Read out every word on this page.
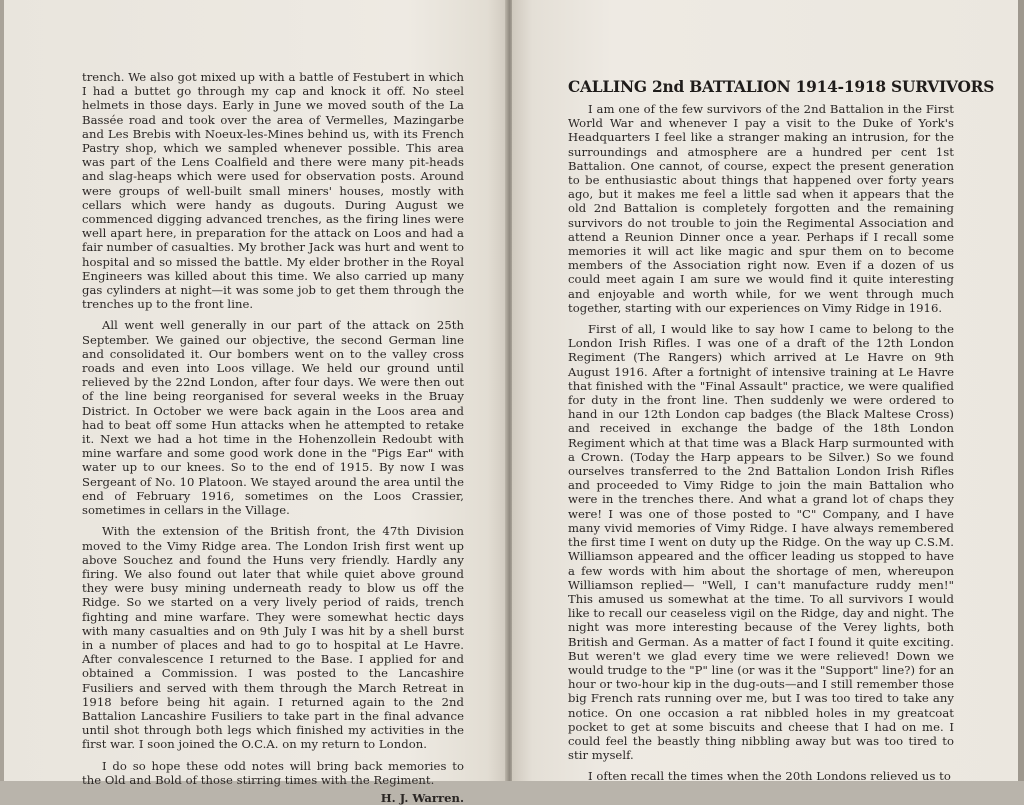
trench. We also got mixed up with a battle of Festubert in which I had a buttet go through my cap and knock it off. No steel helmets in those days. Early in June we moved south of the La Bassée road and took over the area of Vermelles, Mazingarbe and Les Brebis with Noeux-les-Mines behind us, with its French Pastry shop, which we sampled whenever possible. This area was part of the Lens Coalfield and there were many pit-heads and slag-heaps which were used for observation posts. Around were groups of well-built small miners' houses, mostly with cellars which were handy as dugouts. During August we commenced digging advanced trenches, as the firing lines were well apart here, in preparation for the attack on Loos and had a fair number of casualties. My brother Jack was hurt and went to hospital and so missed the battle. My elder brother in the Royal Engineers was killed about this time. We also carried up many gas cylinders at night—it was some job to get them through the trenches up to the front line.

All went well generally in our part of the attack on 25th September. We gained our objective, the second German line and consolidated it. Our bombers went on to the valley cross roads and even into Loos village. We held our ground until relieved by the 22nd London, after four days. We were then out of the line being reorganised for several weeks in the Bruay District. In October we were back again in the Loos area and had to beat off some Hun attacks when he attempted to retake it. Next we had a hot time in the Hohenzollein Redoubt with mine warfare and some good work done in the "Pigs Ear" with water up to our knees. So to the end of 1915. By now I was Sergeant of No. 10 Platoon. We stayed around the area until the end of February 1916, sometimes on the Loos Crassier, sometimes in cellars in the Village.

With the extension of the British front, the 47th Division moved to the Vimy Ridge area. The London Irish first went up above Souchez and found the Huns very friendly. Hardly any firing. We also found out later that while quiet above ground they were busy mining underneath ready to blow us off the Ridge. So we started on a very lively period of raids, trench fighting and mine warfare. They were somewhat hectic days with many casualties and on 9th July I was hit by a shell burst in a number of places and had to go to hospital at Le Havre. After convalescence I returned to the Base. I applied for and obtained a Commission. I was posted to the Lancashire Fusiliers and served with them through the March Retreat in 1918 before being hit again. I returned again to the 2nd Battalion Lancashire Fusiliers to take part in the final advance until shot through both legs which finished my activities in the first war. I soon joined the O.C.A. on my return to London.

I do so hope these odd notes will bring back memories to the Old and Bold of those stirring times with the Regiment.

H. J. Warren.
CALLING 2nd BATTALION 1914-1918 SURVIVORS

I am one of the few survivors of the 2nd Battalion in the First World War and whenever I pay a visit to the Duke of York's Headquarters I feel like a stranger making an intrusion, for the surroundings and atmosphere are a hundred per cent 1st Battalion. One cannot, of course, expect the present generation to be enthusiastic about things that happened over forty years ago, but it makes me feel a little sad when it appears that the old 2nd Battalion is completely forgotten and the remaining survivors do not trouble to join the Regimental Association and attend a Reunion Dinner once a year. Perhaps if I recall some memories it will act like magic and spur them on to become members of the Association right now. Even if a dozen of us could meet again I am sure we would find it quite interesting and enjoyable and worth while, for we went through much together, starting with our experiences on Vimy Ridge in 1916.

First of all, I would like to say how I came to belong to the London Irish Rifles. I was one of a draft of the 12th London Regiment (The Rangers) which arrived at Le Havre on 9th August 1916. After a fortnight of intensive training at Le Havre that finished with the "Final Assault" practice, we were qualified for duty in the front line. Then suddenly we were ordered to hand in our 12th London cap badges (the Black Maltese Cross) and received in exchange the badge of the 18th London Regiment which at that time was a Black Harp surmounted with a Crown. (Today the Harp appears to be Silver.) So we found ourselves transferred to the 2nd Battalion London Irish Rifles and proceeded to Vimy Ridge to join the main Battalion who were in the trenches there. And what a grand lot of chaps they were! I was one of those posted to "C" Company, and I have many vivid memories of Vimy Ridge. I have always remembered the first time I went on duty up the Ridge. On the way up C.S.M. Williamson appeared and the officer leading us stopped to have a few words with him about the shortage of men, whereupon Williamson replied— "Well, I can't manufacture ruddy men!" This amused us somewhat at the time. To all survivors I would like to recall our ceaseless vigil on the Ridge, day and night. The night was more interesting because of the Verey lights, both British and German. As a matter of fact I found it quite exciting. But weren't we glad every time we were relieved! Down we would trudge to the "P" line (or was it the "Support" line?) for an hour or two-hour kip in the dug-outs—and I still remember those big French rats running over me, but I was too tired to take any notice. On one occasion a rat nibbled holes in my greatcoat pocket to get at some biscuits and cheese that I had on me. I could feel the beastly thing nibbling away but was too tired to stir myself.

I often recall the times when the 20th Londons relieved us to
